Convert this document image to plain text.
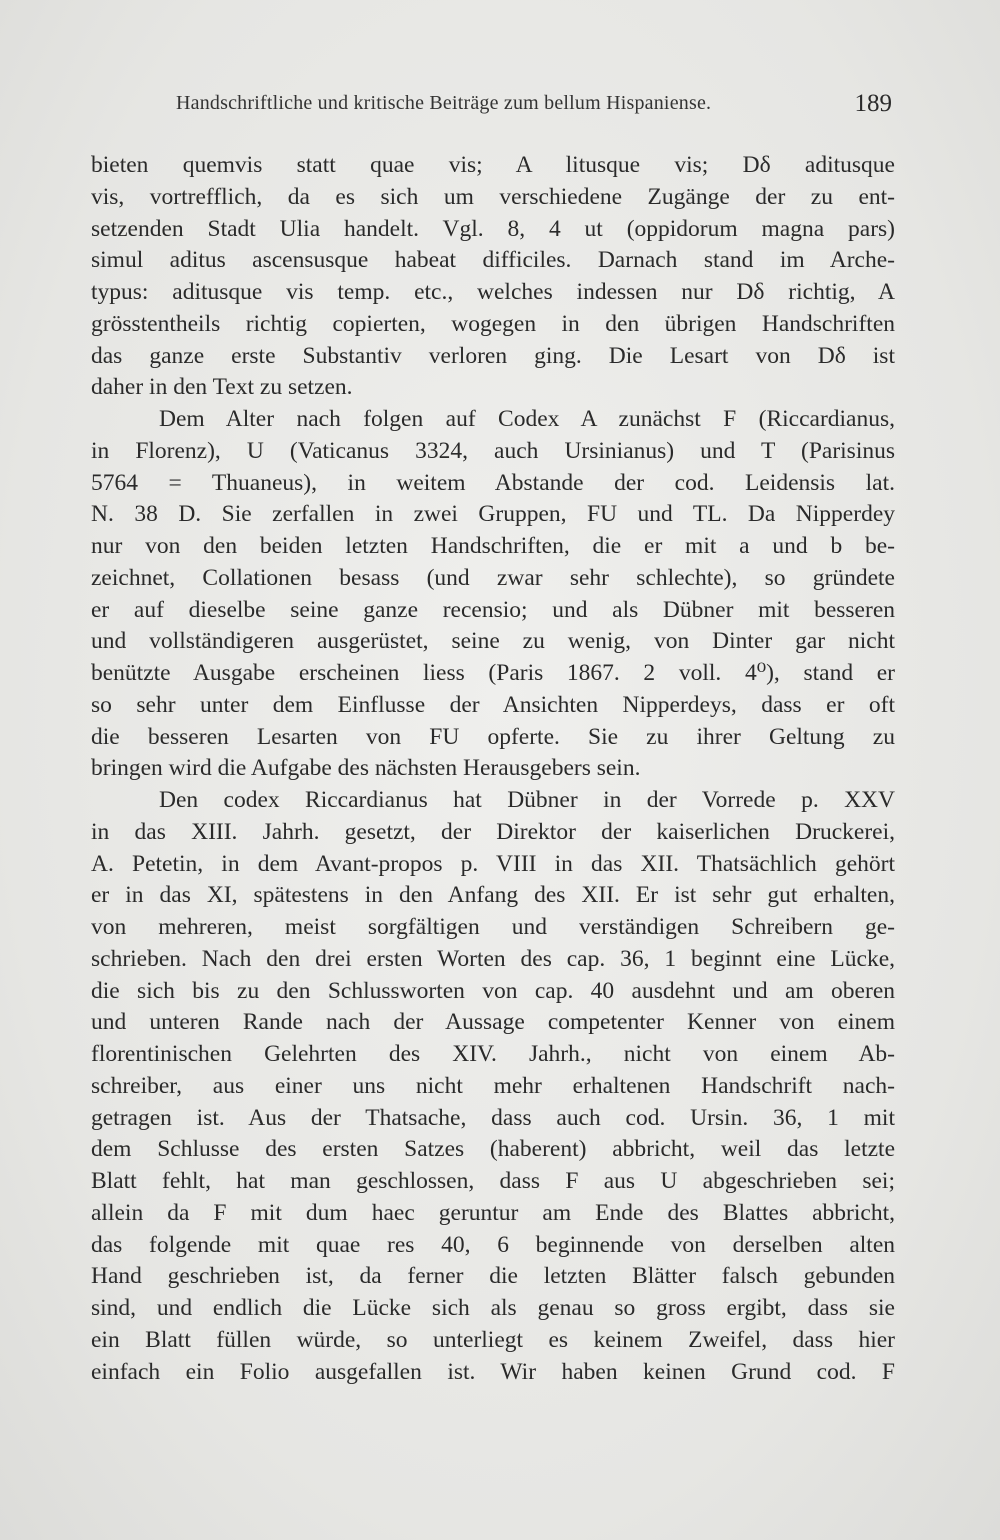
Handschriftliche und kritische Beiträge zum bellum Hispaniense.	189
bieten quemvis statt quae vis; A litusque vis; Dδ aditusque
vis, vortrefflich, da es sich um verschiedene Zugänge der zu ent-
setzenden Stadt Ulia handelt. Vgl. 8, 4 ut (oppidorum magna pars)
simul aditus ascensusque habeat difficiles. Darnach stand im Arche-
typus: aditusque vis temp. etc., welches indessen nur Dδ richtig, A
grösstentheils richtig copierten, wogegen in den übrigen Handschriften
das ganze erste Substantiv verloren ging. Die Lesart von Dδ ist
daher in den Text zu setzen.
Dem Alter nach folgen auf Codex A zunächst F (Riccardianus,
in Florenz), U (Vaticanus 3324, auch Ursinianus) und T (Parisinus
5764 = Thuaneus), in weitem Abstande der cod. Leidensis lat.
N. 38 D. Sie zerfallen in zwei Gruppen, FU und TL. Da Nipperdey
nur von den beiden letzten Handschriften, die er mit a und b be-
zeichnet, Collationen besass (und zwar sehr schlechte), so gründete
er auf dieselbe seine ganze recensio; und als Dübner mit besseren
und vollständigeren ausgerüstet, seine zu wenig, von Dinter gar nicht
benützte Ausgabe erscheinen liess (Paris 1867. 2 voll. 4⁰), stand er
so sehr unter dem Einflusse der Ansichten Nipperdeys, dass er oft
die besseren Lesarten von FU opferte. Sie zu ihrer Geltung zu
bringen wird die Aufgabe des nächsten Herausgebers sein.
Den codex Riccardianus hat Dübner in der Vorrede p. XXV
in das XIII. Jahrh. gesetzt, der Direktor der kaiserlichen Druckerei,
A. Petetin, in dem Avant-propos p. VIII in das XII. Thatsächlich gehört
er in das XI, spätestens in den Anfang des XII. Er ist sehr gut erhalten,
von mehreren, meist sorgfältigen und verständigen Schreibern ge-
schrieben. Nach den drei ersten Worten des cap. 36, 1 beginnt eine Lücke,
die sich bis zu den Schlussworten von cap. 40 ausdehnt und am oberen
und unteren Rande nach der Aussage competenter Kenner von einem
florentinischen Gelehrten des XIV. Jahrh., nicht von einem Ab-
schreiber, aus einer uns nicht mehr erhaltenen Handschrift nach-
getragen ist. Aus der Thatsache, dass auch cod. Ursin. 36, 1 mit
dem Schlusse des ersten Satzes (haberent) abbricht, weil das letzte
Blatt fehlt, hat man geschlossen, dass F aus U abgeschrieben sei;
allein da F mit dum haec geruntur am Ende des Blattes abbricht,
das folgende mit quae res 40, 6 beginnende von derselben alten
Hand geschrieben ist, da ferner die letzten Blätter falsch gebunden
sind, und endlich die Lücke sich als genau so gross ergibt, dass sie
ein Blatt füllen würde, so unterliegt es keinem Zweifel, dass hier
einfach ein Folio ausgefallen ist. Wir haben keinen Grund cod. F
